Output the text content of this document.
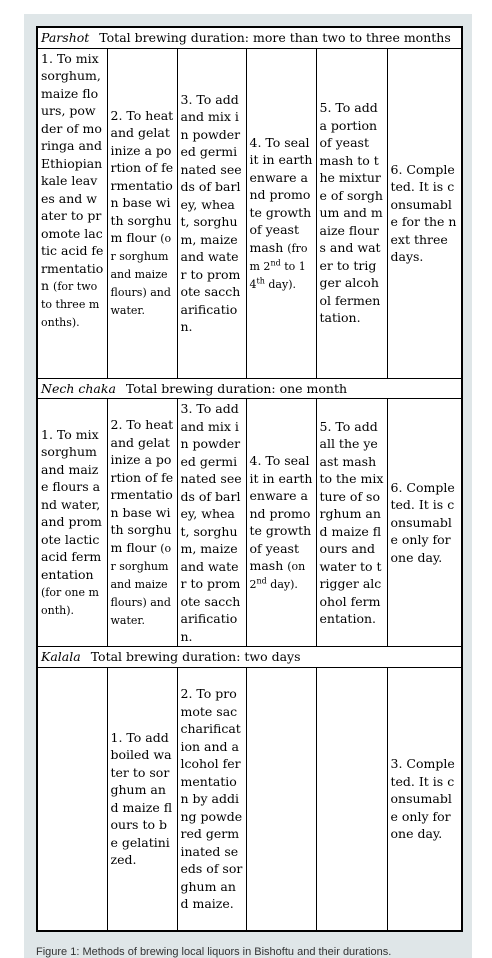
Parshot Total brewing duration: more than two to three months					
1. To mix sorghum, maize flours, powder of moringa and Ethiopian kale leaves and water to promote lactic acid fermentation (for two to three months).	2. To heat and gelatinize a portion of fermentation base with sorghum flour (or sorghum and maize flours) and water.	3. To add and mix in powdered germinated seeds of barley, wheat, sorghum, maize and water to promote saccharification.	4. To seal it in earthenware and promote growth of yeast mash (from 2nd to 14th day).	5. To add a portion of yeast mash to the mixture of sorghum and maize flours and water to trigger alcohol fermentation.	6. Completed. It is consumable for the next three days.
Nech chaka Total brewing duration: one month					
1. To mix sorghum and maize flours and water, and promote lactic acid fermentation (for one month).	2. To heat and gelatinize a portion of fermentation base with sorghum flour (or sorghum and maize flours) and water.	3. To add and mix in powdered germinated seeds of barley, wheat, sorghum, maize and water to promote saccharification.	4. To seal it in earthenware and promote growth of yeast mash (on 2nd day).	5. To add all the yeast mash to the mixture of sorghum and maize flours and water to trigger alcohol fermentation.	6. Completed. It is consumable only for one day.
Kalala Total brewing duration: two days					
	1. To add boiled water to sorghum and maize flours to be gelatinized.	2. To promote saccharification and alcohol fermentation by adding powdered germinated seeds of sorghum and maize.			3. Completed. It is consumable only for one day.
Figure 1: Methods of brewing local liquors in Bishoftu and their durations.
